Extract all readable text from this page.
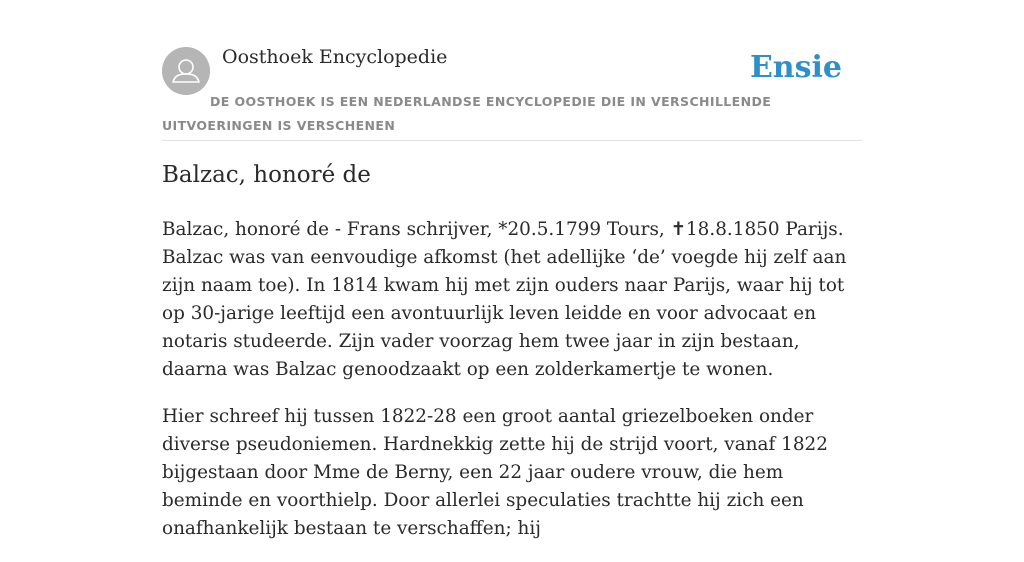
Oosthoek Encyclopedie	Ensie
DE OOSTHOEK IS EEN NEDERLANDSE ENCYCLOPEDIE DIE IN VERSCHILLENDE UITVOERINGEN IS VERSCHENEN
Balzac, honoré de

Balzac, honoré de - Frans schrijver, *20.5.1799 Tours, ✝18.8.1850 Parijs. Balzac was van eenvoudige afkomst (het adellijke ‘de’ voegde hij zelf aan zijn naam toe). In 1814 kwam hij met zijn ouders naar Parijs, waar hij tot op 30-jarige leeftijd een avontuurlijk leven leidde en voor advocaat en notaris studeerde. Zijn vader voorzag hem twee jaar in zijn bestaan, daarna was Balzac genoodzaakt op een zolderkamertje te wonen.

Hier schreef hij tussen 1822-28 een groot aantal griezelboeken onder diverse pseudoniemen. Hardnekkig zette hij de strijd voort, vanaf 1822 bijgestaan door Mme de Berny, een 22 jaar oudere vrouw, die hem beminde en voorthielp. Door allerlei speculaties trachtte hij zich een onafhankelijk bestaan te verschaffen; hij
